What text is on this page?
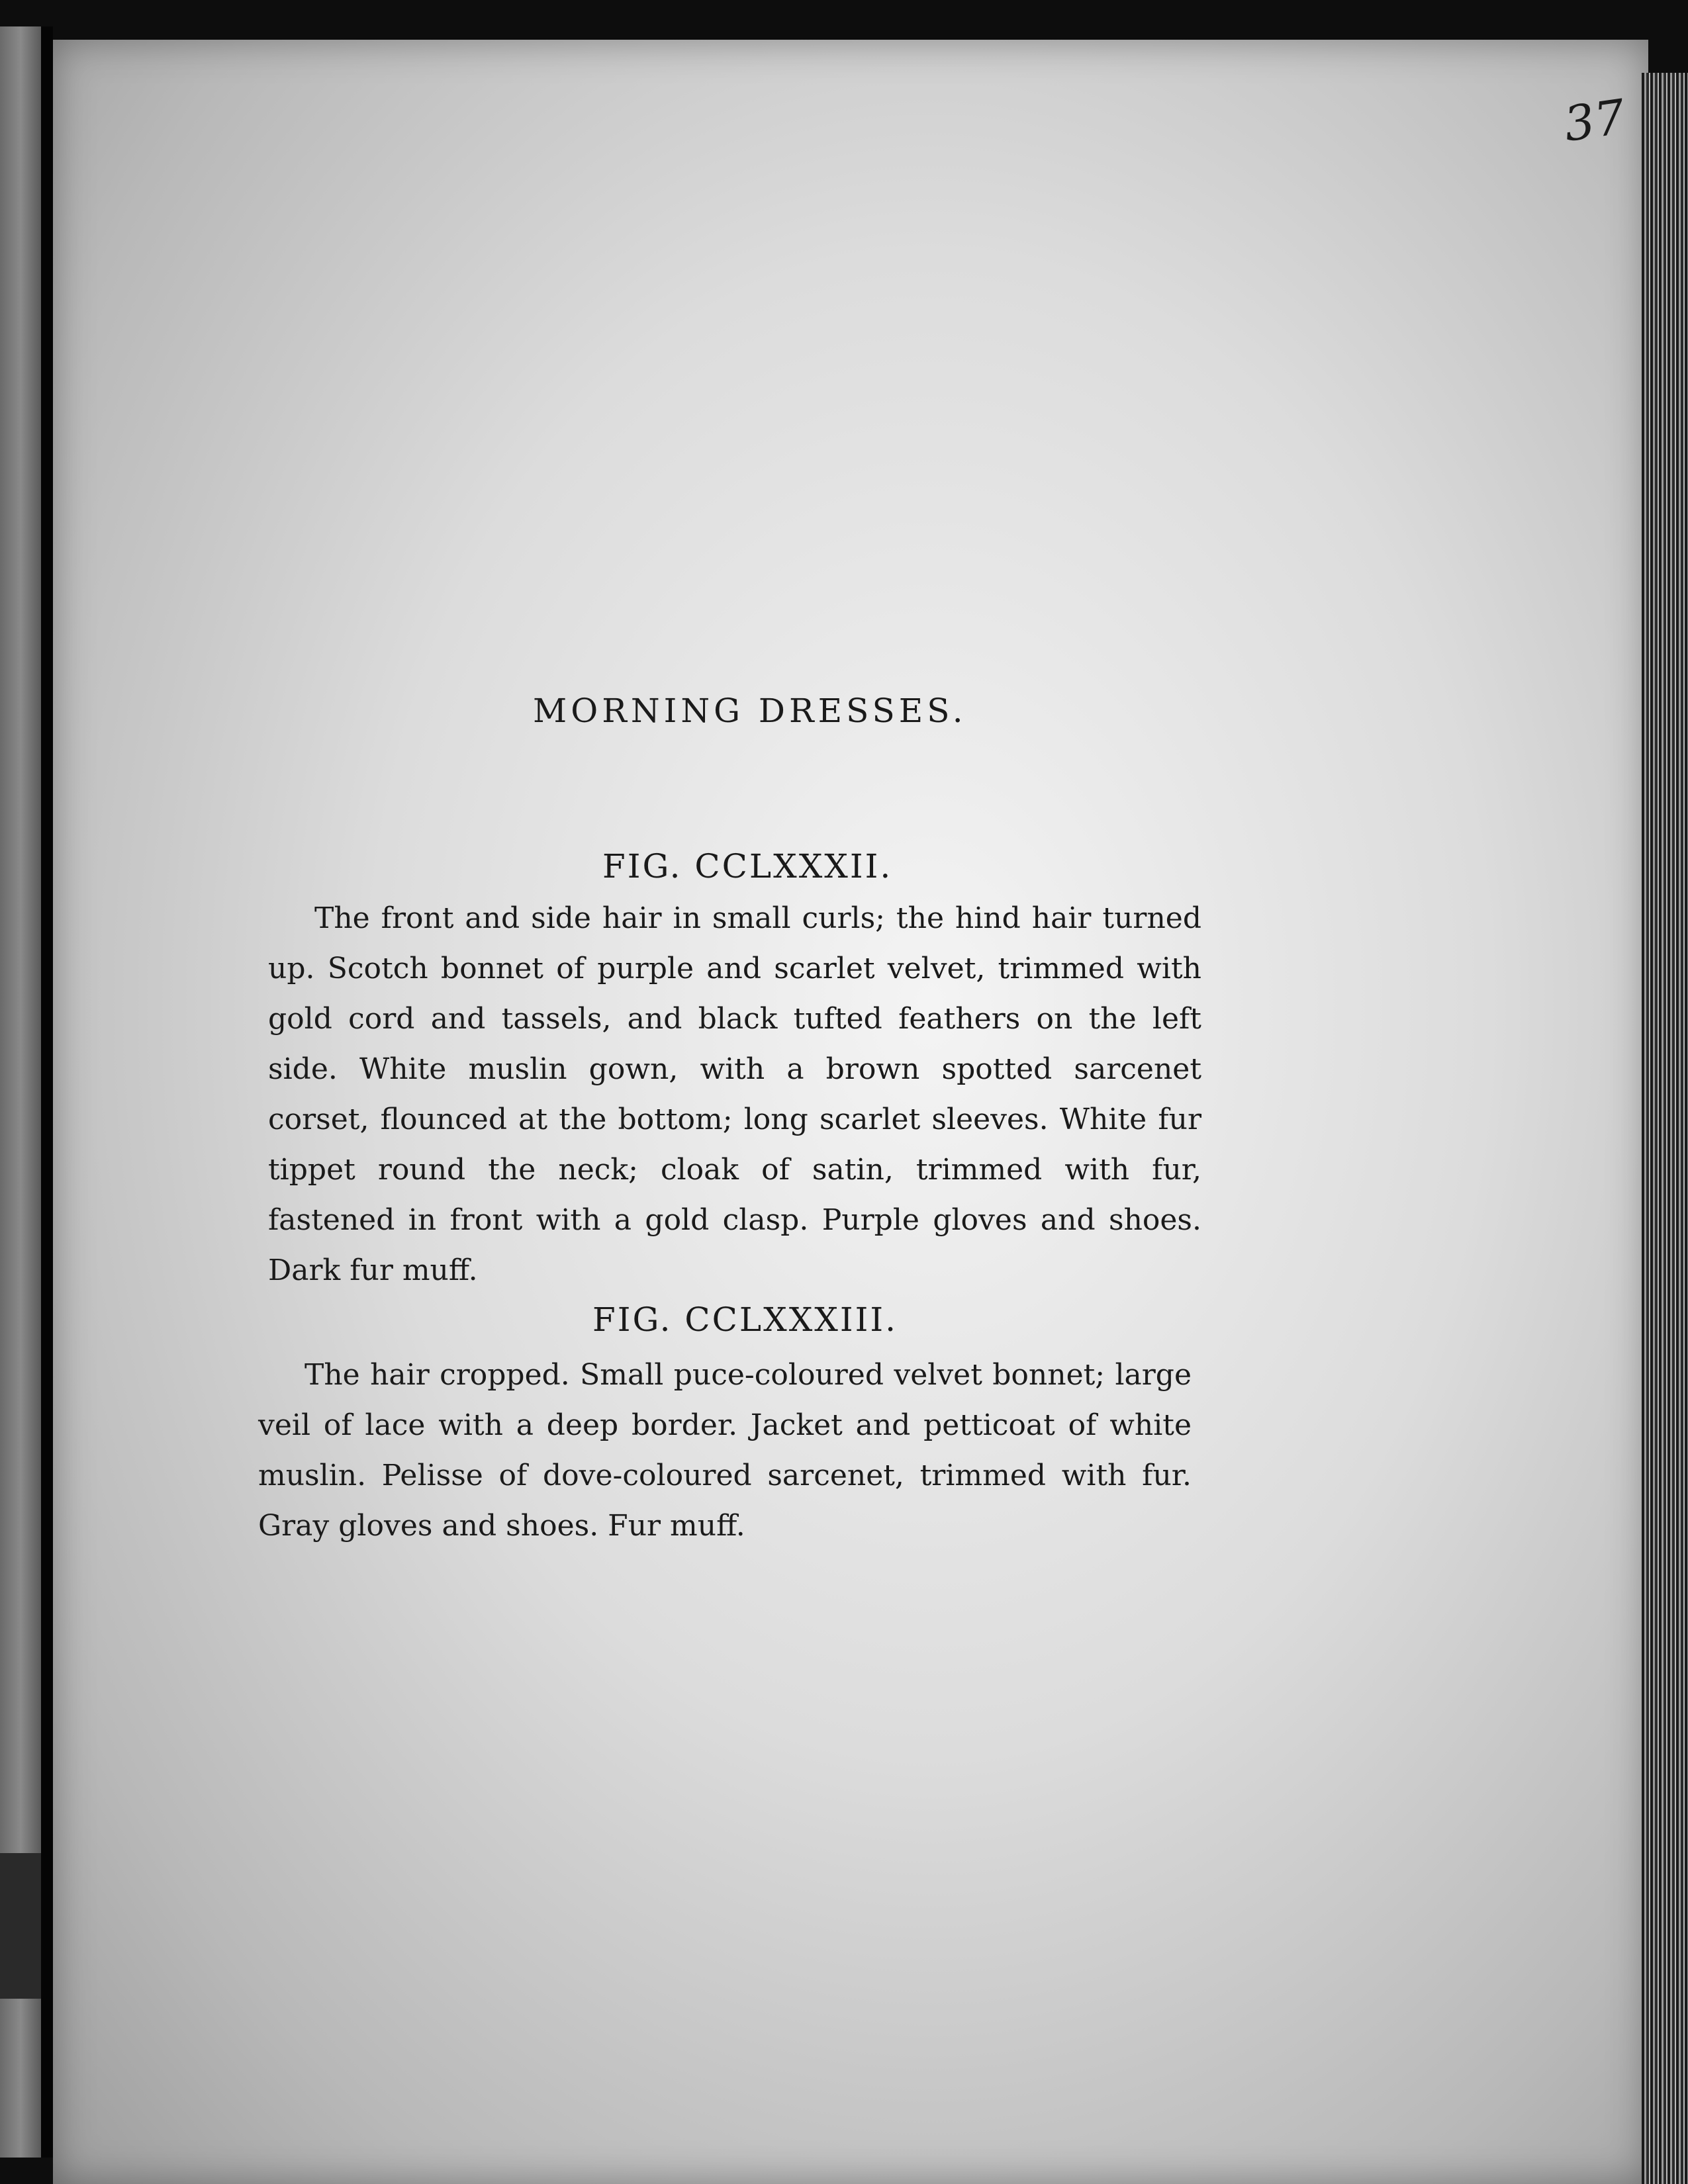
37
MORNING DRESSES.
FIG. CCLXXXII.

The front and side hair in small curls; the hind hair turned up. Scotch bonnet of purple and scarlet velvet, trimmed with gold cord and tassels, and black tufted feathers on the left side. White muslin gown, with a brown spotted sarcenet corset, flounced at the bottom; long scarlet sleeves. White fur tippet round the neck; cloak of satin, trimmed with fur, fastened in front with a gold clasp. Purple gloves and shoes. Dark fur muff.

FIG. CCLXXXIII.

The hair cropped. Small puce-coloured velvet bonnet; large veil of lace with a deep border. Jacket and petticoat of white muslin. Pelisse of dove-coloured sarcenet, trimmed with fur. Gray gloves and shoes. Fur muff.
